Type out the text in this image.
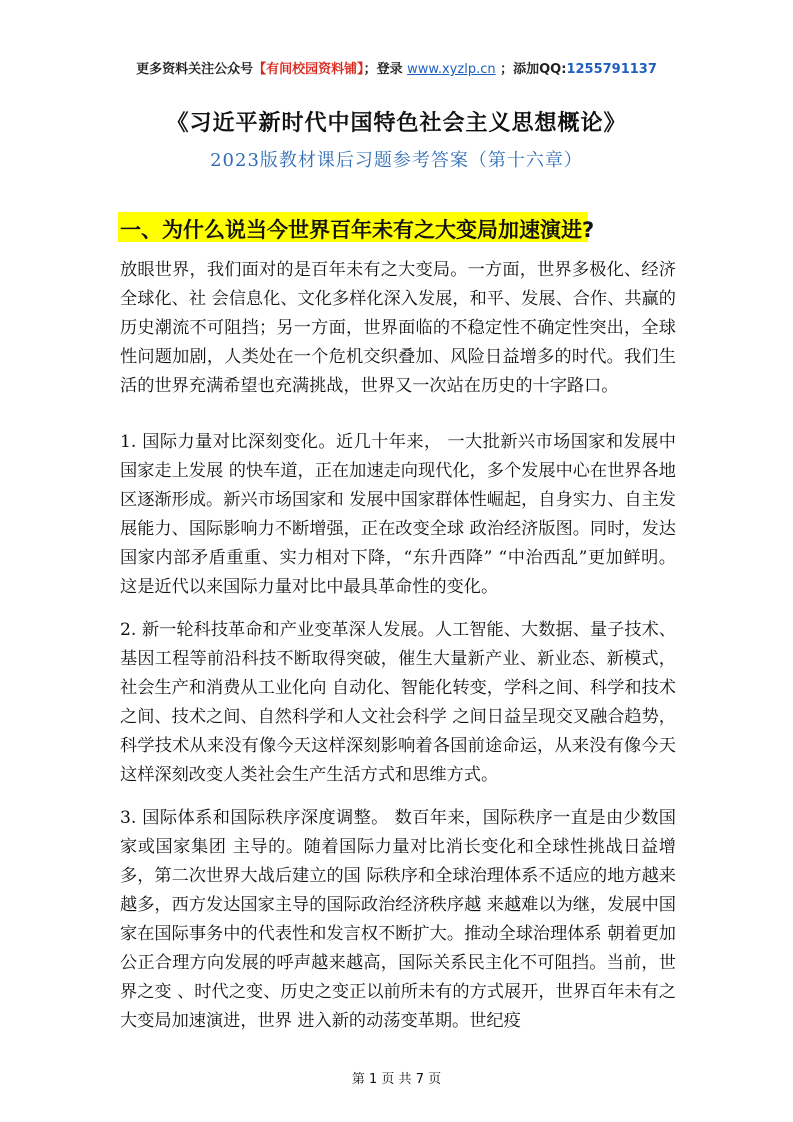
更多资料关注公众号【有间校园资料铺】；登录 www.xyzlp.cn ；添加QQ:1255791137
《习近平新时代中国特色社会主义思想概论》
2023版教材课后习题参考答案（第十六章）
一、为什么说当今世界百年未有之大变局加速演进?

放眼世界，我们面对的是百年未有之大变局。一方面，世界多极化、经济全球化、社 会信息化、文化多样化深入发展，和平、发展、合作、共赢的历史潮流不可阻挡；另一方面，世界面临的不稳定性不确定性突出，全球性问题加剧，人类处在一个危机交织叠加、风险日益增多的时代。我们生活的世界充满希望也充满挑战，世界又一次站在历史的十字路口。

1. 国际力量对比深刻变化。近几十年来， 一大批新兴市场国家和发展中国家走上发展 的快车道，正在加速走向现代化，多个发展中心在世界各地区逐渐形成。新兴市场国家和 发展中国家群体性崛起，自身实力、自主发展能力、国际影响力不断增强，正在改变全球 政治经济版图。同时，发达国家内部矛盾重重、实力相对下降，“东升西降” “中治西乱”更加鲜明。这是近代以来国际力量对比中最具革命性的变化。

2. 新一轮科技革命和产业变革深人发展。人工智能、大数据、量子技术、基因工程等前沿科技不断取得突破，催生大量新产业、新业态、新模式，社会生产和消费从工业化向 自动化、智能化转变，学科之间、科学和技术之间、技术之间、自然科学和人文社会科学 之间日益呈现交叉融合趋势，科学技术从来没有像今天这样深刻影响着各国前途命运，从来没有像今天这样深刻改变人类社会生产生活方式和思维方式。

3. 国际体系和国际秩序深度调整。 数百年来，国际秩序一直是由少数国家或国家集团 主导的。随着国际力量对比消长变化和全球性挑战日益增多，第二次世界大战后建立的国 际秩序和全球治理体系不适应的地方越来越多，西方发达国家主导的国际政治经济秩序越 来越难以为继，发展中国家在国际事务中的代表性和发言权不断扩大。推动全球治理体系 朝着更加公正合理方向发展的呼声越来越高，国际关系民主化不可阻挡。当前，世界之变 、时代之变、历史之变正以前所未有的方式展开，世界百年未有之大变局加速演进，世界 进入新的动荡变革期。世纪疫

第 1 页 共 7 页
